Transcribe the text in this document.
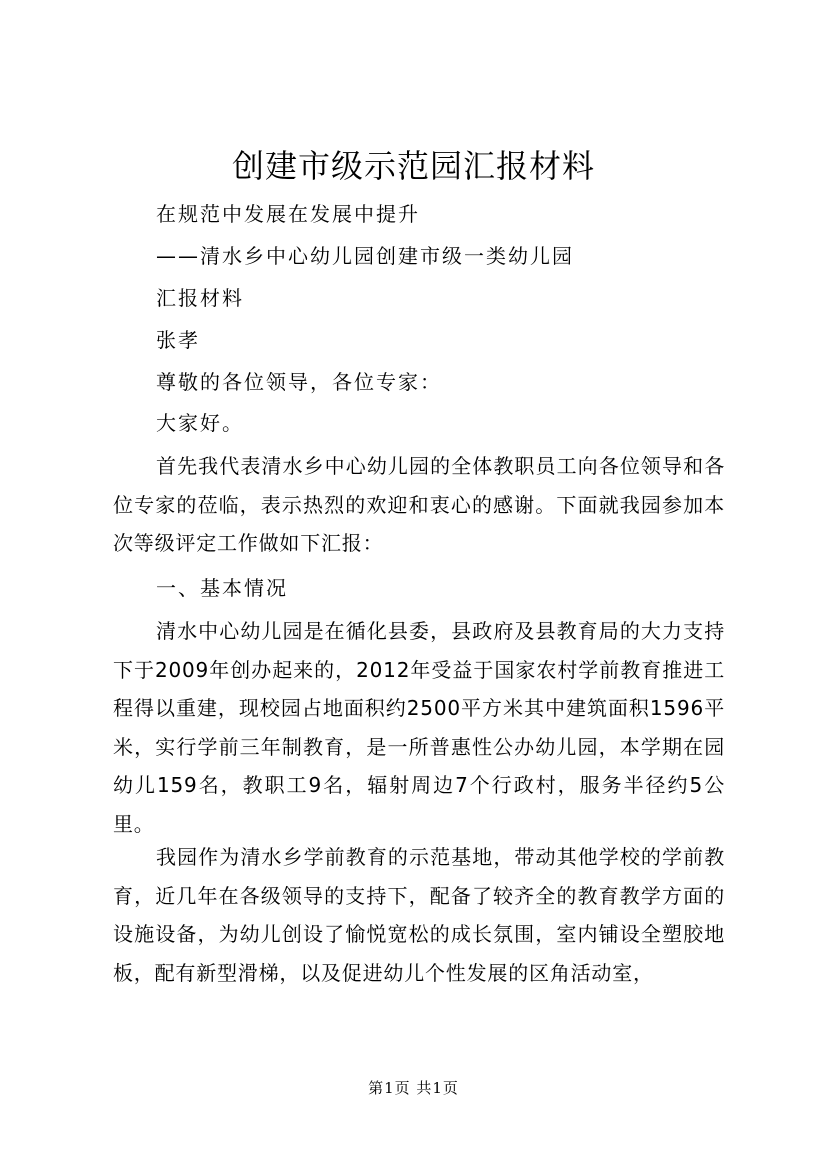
创建市级示范园汇报材料
在规范中发展在发展中提升
——清水乡中心幼儿园创建市级一类幼儿园
汇报材料
张孝
尊敬的各位领导，各位专家：
大家好。

首先我代表清水乡中心幼儿园的全体教职员工向各位领导和各位专家的莅临，表示热烈的欢迎和衷心的感谢。下面就我园参加本次等级评定工作做如下汇报：

一、基本情况

清水中心幼儿园是在循化县委，县政府及县教育局的大力支持下于2009年创办起来的，2012年受益于国家农村学前教育推进工程得以重建，现校园占地面积约2500平方米其中建筑面积1596平米，实行学前三年制教育，是一所普惠性公办幼儿园，本学期在园幼儿159名，教职工9名，辐射周边7个行政村，服务半径约5公里。

我园作为清水乡学前教育的示范基地，带动其他学校的学前教育，近几年在各级领导的支持下，配备了较齐全的教育教学方面的设施设备，为幼儿创设了愉悦宽松的成长氛围，室内铺设全塑胶地板，配有新型滑梯，以及促进幼儿个性发展的区角活动室，

第1页 共1页
